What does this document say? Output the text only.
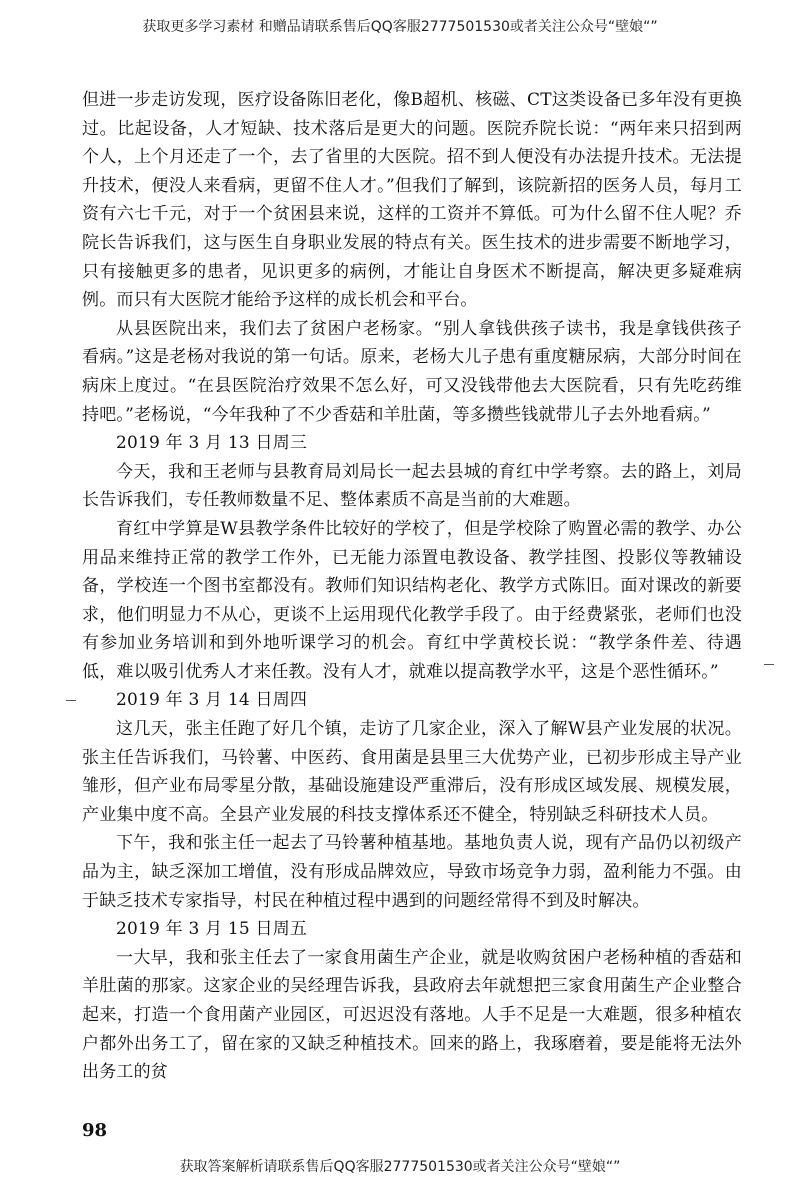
获取更多学习素材 和赠品请联系售后QQ客服2777501530或者关注公众号“壁娘“”

但进一步走访发现，医疗设备陈旧老化，像B超机、核磁、CT这类设备已多年没有更换过。比起设备，人才短缺、技术落后是更大的问题。医院乔院长说：“两年来只招到两个人，上个月还走了一个，去了省里的大医院。招不到人便没有办法提升技术。无法提升技术，便没人来看病，更留不住人才。”但我们了解到，该院新招的医务人员，每月工资有六七千元，对于一个贫困县来说，这样的工资并不算低。可为什么留不住人呢？乔院长告诉我们，这与医生自身职业发展的特点有关。医生技术的进步需要不断地学习，只有接触更多的患者，见识更多的病例，才能让自身医术不断提高，解决更多疑难病例。而只有大医院才能给予这样的成长机会和平台。

从县医院出来，我们去了贫困户老杨家。“别人拿钱供孩子读书，我是拿钱供孩子看病。”这是老杨对我说的第一句话。原来，老杨大儿子患有重度糖尿病，大部分时间在病床上度过。“在县医院治疗效果不怎么好，可又没钱带他去大医院看，只有先吃药维持吧。”老杨说，“今年我种了不少香菇和羊肚菌，等多攒些钱就带儿子去外地看病。”

2019 年 3 月 13 日周三

今天，我和王老师与县教育局刘局长一起去县城的育红中学考察。去的路上，刘局长告诉我们，专任教师数量不足、整体素质不高是当前的大难题。

育红中学算是W县教学条件比较好的学校了，但是学校除了购置必需的教学、办公用品来维持正常的教学工作外，已无能力添置电教设备、教学挂图、投影仪等教辅设备，学校连一个图书室都没有。教师们知识结构老化、教学方式陈旧。面对课改的新要求，他们明显力不从心，更谈不上运用现代化教学手段了。由于经费紧张，老师们也没有参加业务培训和到外地听课学习的机会。育红中学黄校长说：“教学条件差、待遇低，难以吸引优秀人才来任教。没有人才，就难以提高教学水平，这是个恶性循环。”

2019 年 3 月 14 日周四

这几天，张主任跑了好几个镇，走访了几家企业，深入了解W县产业发展的状况。张主任告诉我们，马铃薯、中医药、食用菌是县里三大优势产业，已初步形成主导产业雏形，但产业布局零星分散，基础设施建设严重滞后，没有形成区域发展、规模发展，产业集中度不高。全县产业发展的科技支撑体系还不健全，特别缺乏科研技术人员。

下午，我和张主任一起去了马铃薯种植基地。基地负责人说，现有产品仍以初级产品为主，缺乏深加工增值，没有形成品牌效应，导致市场竞争力弱，盈利能力不强。由于缺乏技术专家指导，村民在种植过程中遇到的问题经常得不到及时解决。

2019 年 3 月 15 日周五

一大早，我和张主任去了一家食用菌生产企业，就是收购贫困户老杨种植的香菇和羊肚菌的那家。这家企业的吴经理告诉我，县政府去年就想把三家食用菌生产企业整合起来，打造一个食用菌产业园区，可迟迟没有落地。人手不足是一大难题，很多种植农户都外出务工了，留在家的又缺乏种植技术。回来的路上，我琢磨着，要是能将无法外出务工的贫

98
获取答案解析请联系售后QQ客服2777501530或者关注公众号“壁娘“”
